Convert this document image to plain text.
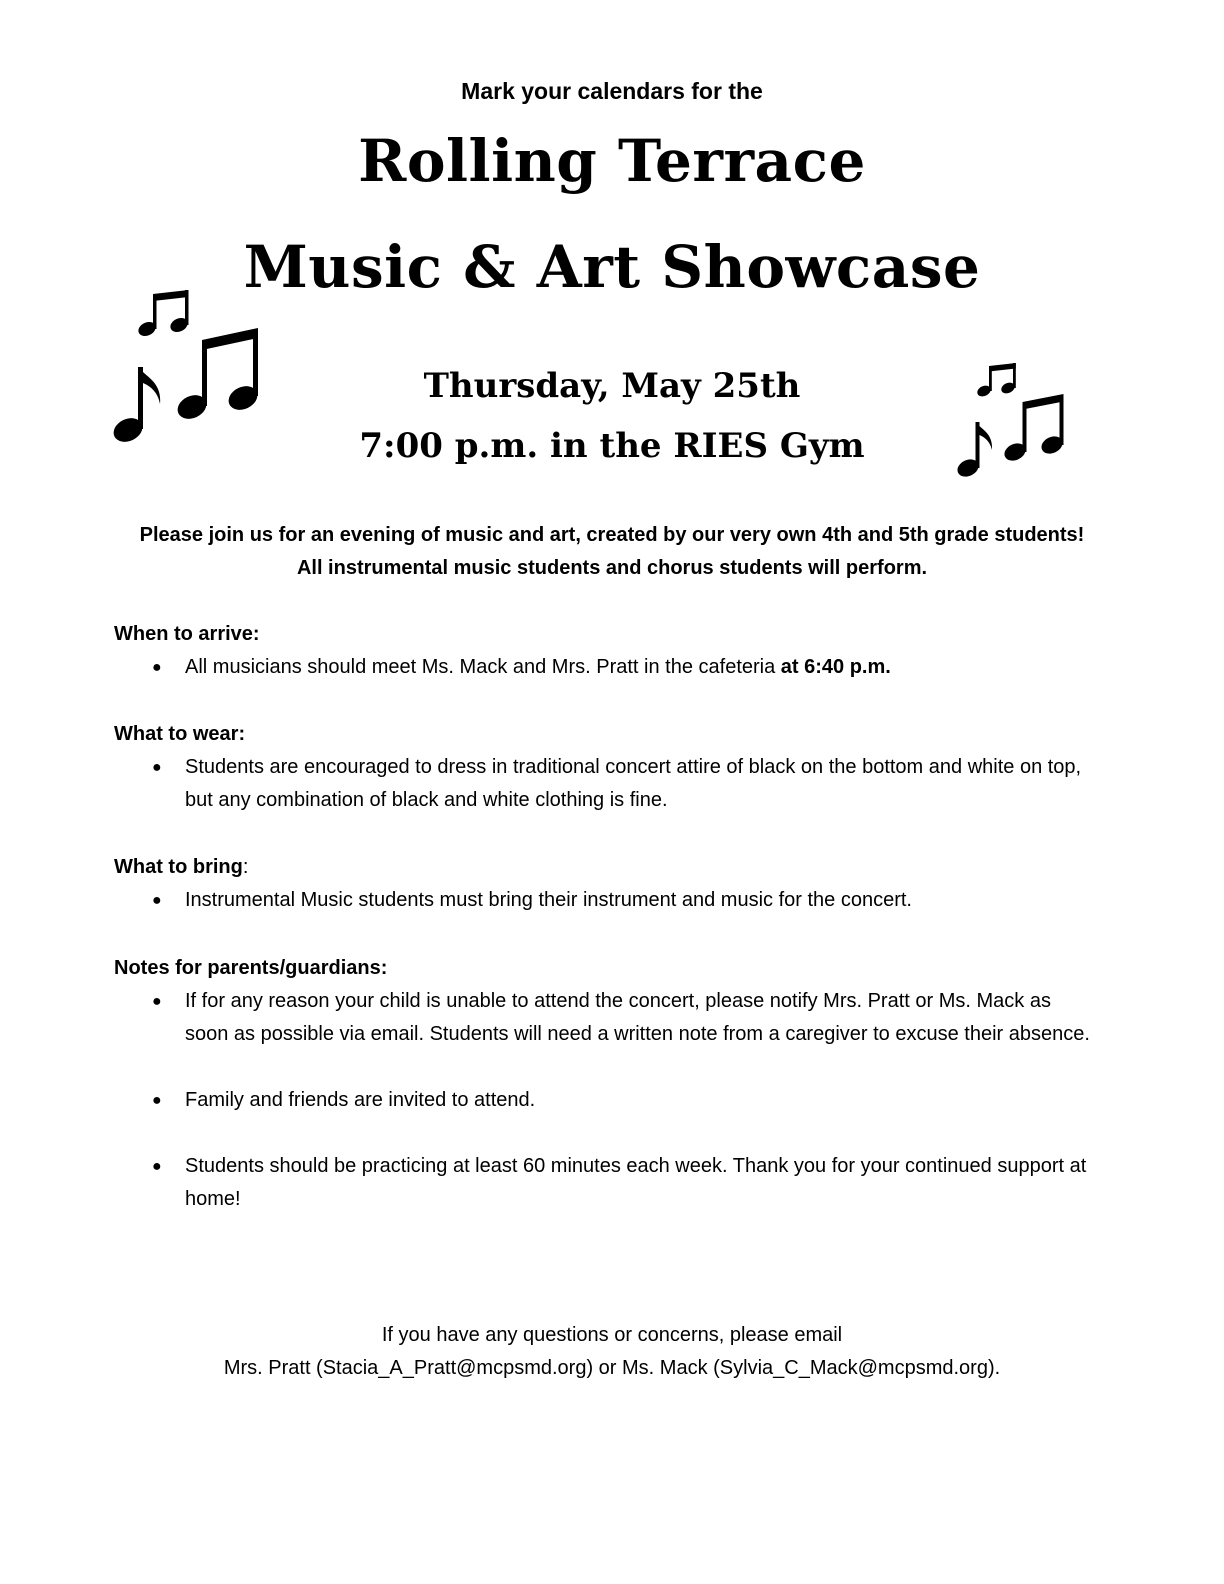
Mark your calendars for the
Rolling Terrace
Music & Art Showcase
Thursday, May 25th
7:00 p.m. in the RIES Gym
Please join us for an evening of music and art, created by our very own 4th and 5th grade students!
All instrumental music students and chorus students will perform.
When to arrive:
● All musicians should meet Ms. Mack and Mrs. Pratt in the cafeteria at 6:40 p.m.
What to wear:
● Students are encouraged to dress in traditional concert attire of black on the bottom and white on top, but any combination of black and white clothing is fine.
What to bring:
● Instrumental Music students must bring their instrument and music for the concert.
Notes for parents/guardians:
● If for any reason your child is unable to attend the concert, please notify Mrs. Pratt or Ms. Mack as soon as possible via email. Students will need a written note from a caregiver to excuse their absence.
● Family and friends are invited to attend.
● Students should be practicing at least 60 minutes each week. Thank you for your continued support at home!
If you have any questions or concerns, please email
Mrs. Pratt (Stacia_A_Pratt@mcpsmd.org) or Ms. Mack (Sylvia_C_Mack@mcpsmd.org).
